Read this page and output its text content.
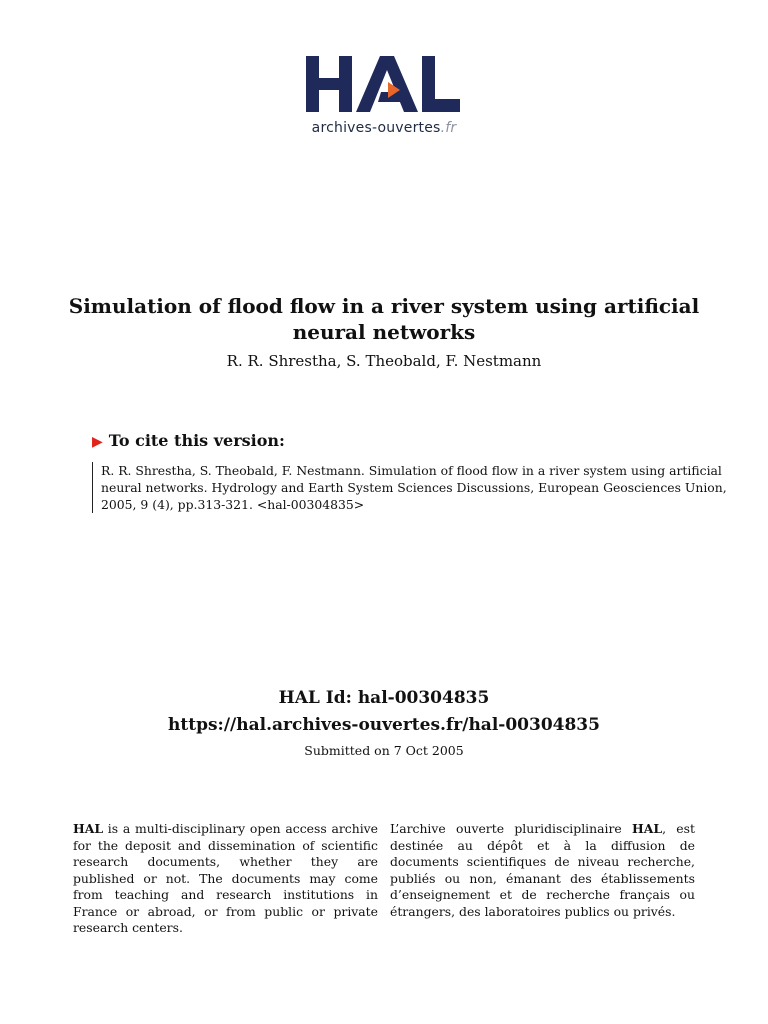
archives-ouvertes.fr
Simulation of flood flow in a river system using artificial
neural networks
R. R. Shrestha, S. Theobald, F. Nestmann
▶ To cite this version:
R. R. Shrestha, S. Theobald, F. Nestmann. Simulation of flood flow in a river system using artificial
neural networks. Hydrology and Earth System Sciences Discussions, European Geosciences Union,
2005, 9 (4), pp.313-321. <hal-00304835>
HAL Id: hal-00304835
https://hal.archives-ouvertes.fr/hal-00304835
Submitted on 7 Oct 2005
HAL is a multi-disciplinary open access archive for the deposit and dissemination of scientific research documents, whether they are published or not. The documents may come from teaching and research institutions in France or abroad, or from public or private research centers.
L’archive ouverte pluridisciplinaire HAL, est destinée au dépôt et à la diffusion de documents scientifiques de niveau recherche, publiés ou non, émanant des établissements d’enseignement et de recherche français ou étrangers, des laboratoires publics ou privés.
